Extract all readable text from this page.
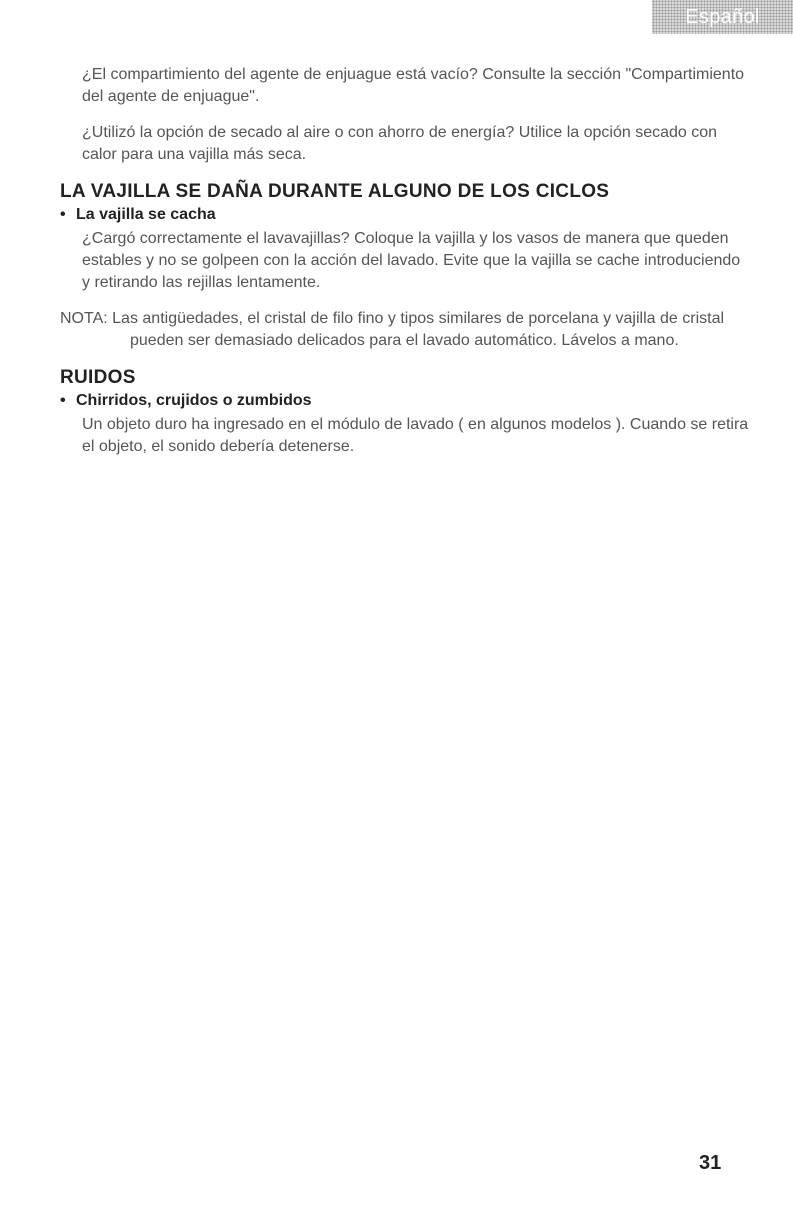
Español

¿El compartimiento del agente de enjuague está vacío? Consulte la sección "Compartimiento del agente de enjuague".

¿Utilizó la opción de secado al aire o con ahorro de energía? Utilice la opción secado con calor para una vajilla más seca.

LA VAJILLA SE DAÑA DURANTE ALGUNO DE LOS CICLOS
• La vajilla se cacha

¿Cargó correctamente el lavavajillas? Coloque la vajilla y los vasos de manera que queden estables y no se golpeen con la acción del lavado. Evite que la vajilla se cache introduciendo y retirando las rejillas lentamente.

NOTA: Las antigüedades, el cristal de filo fino y tipos similares de porcelana y vajilla de cristal pueden ser demasiado delicados para el lavado automático. Lávelos a mano.

RUIDOS
• Chirridos, crujidos o zumbidos

Un objeto duro ha ingresado en el módulo de lavado ( en algunos modelos ). Cuando se retira el objeto, el sonido debería detenerse.

31
